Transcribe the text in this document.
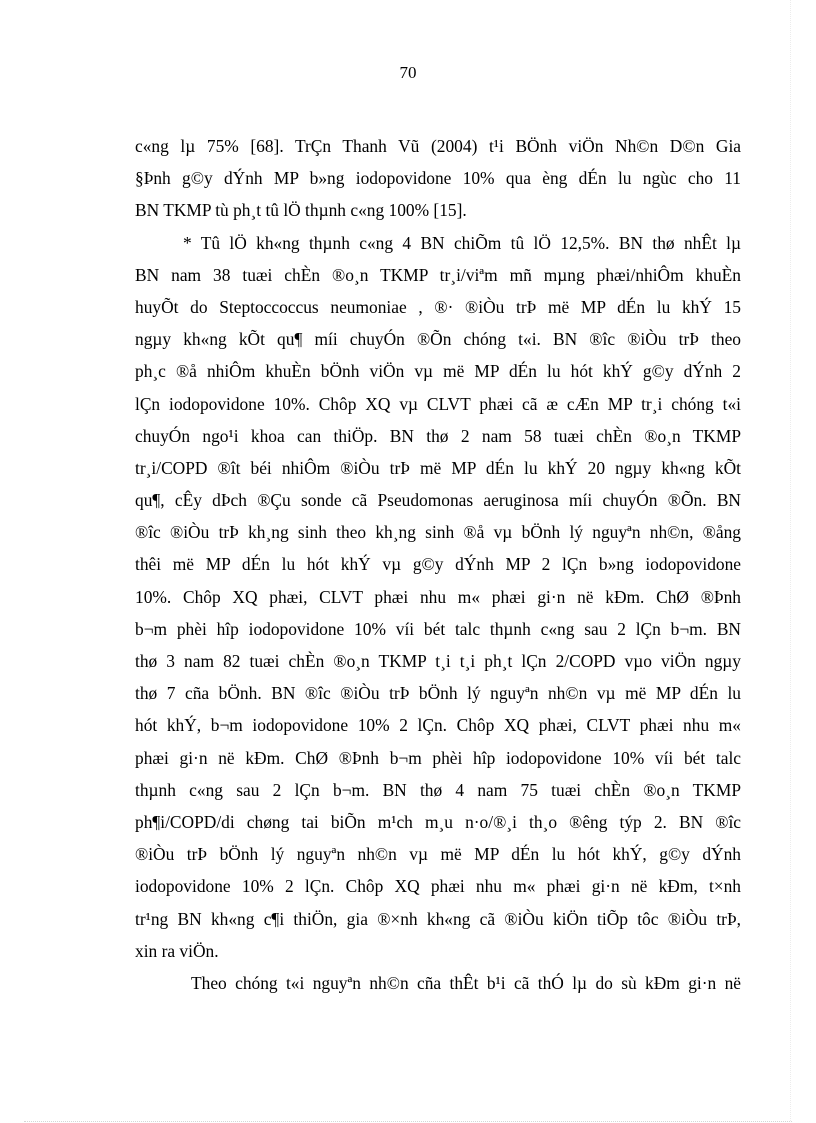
70
c«ng lµ 75% [68]. TrÇn Thanh Vũ (2004) t¹i BÖnh viÖn Nh©n D©n Gia
§Þnh g©y dÝnh MP b»ng iodopovidone 10% qua èng dÉn lu ngùc cho 11
BN TKMP tù ph¸t tû lÖ thµnh c«ng 100% [15].
* Tû lÖ kh«ng thµnh c«ng 4 BN chiÕm tû lÖ 12,5%. BN thø nhÊt lµ
BN nam 38 tuæi chÈn ®o¸n TKMP tr¸i/viªm mñ mµng phæi/nhiÔm khuÈn
huyÕt do Steptoccoccus neumoniae , ®· ®iÒu trÞ më MP dÉn lu khÝ 15
ngµy kh«ng kÕt qu¶ míi chuyÓn ®Õn chóng t«i. BN ®îc ®iÒu trÞ theo
ph¸c ®å nhiÔm khuÈn bÖnh viÖn vµ më MP dÉn lu hót khÝ g©y dÝnh 2
lÇn iodopovidone 10%. Chôp XQ vµ CLVT phæi cã æ cÆn MP tr¸i chóng t«i
chuyÓn ngo¹i khoa can thiÖp. BN thø 2 nam 58 tuæi chÈn ®o¸n TKMP
tr¸i/COPD ®ît béi nhiÔm ®iÒu trÞ më MP dÉn lu khÝ 20 ngµy kh«ng kÕt
qu¶, cÊy dÞch ®Çu sonde cã Pseudomonas aeruginosa míi chuyÓn ®Õn. BN
®îc ®iÒu trÞ kh¸ng sinh theo kh¸ng sinh ®å vµ bÖnh lý nguyªn nh©n, ®ång
thêi më MP dÉn lu hót khÝ vµ g©y dÝnh MP 2 lÇn b»ng iodopovidone
10%. Chôp XQ phæi, CLVT phæi nhu m« phæi gi·n në kÐm. ChØ ®Þnh
b¬m phèi hîp iodopovidone 10% víi bét talc thµnh c«ng sau 2 lÇn b¬m. BN
thø 3 nam 82 tuæi chÈn ®o¸n TKMP t¸i t¸i ph¸t lÇn 2/COPD vµo viÖn ngµy
thø 7 cña bÖnh. BN ®îc ®iÒu trÞ bÖnh lý nguyªn nh©n vµ më MP dÉn lu
hót khÝ, b¬m iodopovidone 10% 2 lÇn. Chôp XQ phæi, CLVT phæi nhu m«
phæi gi·n në kÐm. ChØ ®Þnh b¬m phèi hîp iodopovidone 10% víi bét talc
thµnh c«ng sau 2 lÇn b¬m. BN thø 4 nam 75 tuæi chÈn ®o¸n TKMP
ph¶i/COPD/di chøng tai biÕn m¹ch m¸u n·o/®¸i th¸o ®êng týp 2. BN ®îc
®iÒu trÞ bÖnh lý nguyªn nh©n vµ më MP dÉn lu hót khÝ, g©y dÝnh
iodopovidone 10% 2 lÇn. Chôp XQ phæi nhu m« phæi gi·n në kÐm, t×nh
tr¹ng BN kh«ng c¶i thiÖn, gia ®×nh kh«ng cã ®iÒu kiÖn tiÕp tôc ®iÒu trÞ,
xin ra viÖn.
Theo chóng t«i nguyªn nh©n cña thÊt b¹i cã thÓ lµ do sù kÐm gi·n në
